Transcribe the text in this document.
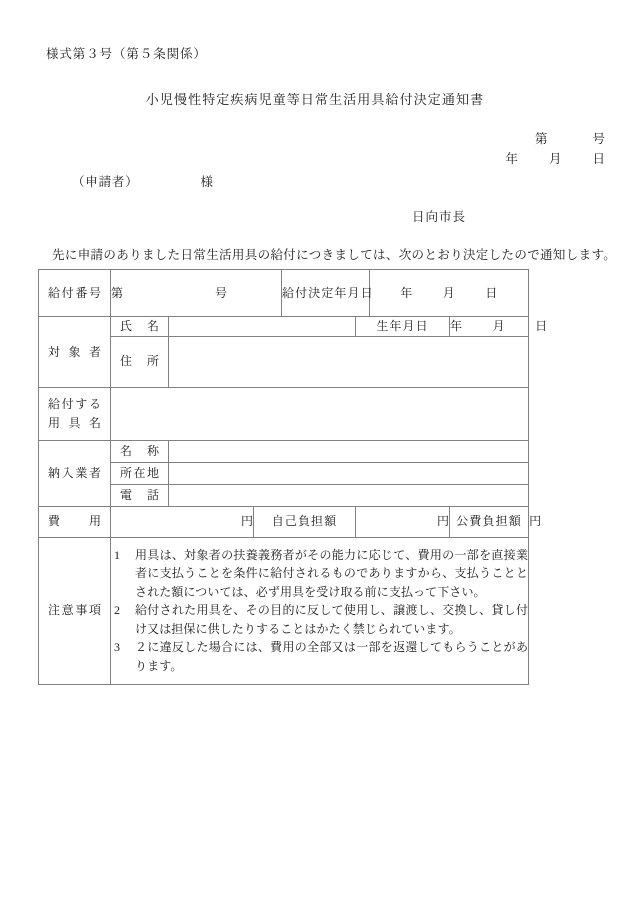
様式第３号（第５条関係）
小児慢性特定疾病児童等日常生活用具給付決定通知書
第	号
年 月 日
（申請者）	様
日向市長
先に申請のありました日常生活用具の給付につきましては、次のとおり決定したので通知します。
給付番号	第 号			給付決定年月日		年 月 日		

対象者	氏名				生年月日		年 月 日	

	住所							

給付する
用具名								

納入業者	名称							

	所在地							

	電話							

費用	円		自己負担額		円		公費負担額	円

注意事項

1	用具は、対象者の扶養義務者がその能力に応じて、費用の一部を直接業者に支払うことを条件に給付されるものでありますから、支払うこととされた額については、必ず用具を受け取る前に支払って下さい。
2	給付された用具を、その目的に反して使用し、譲渡し、交換し、貸し付け又は担保に供したりすることはかたく禁じられています。
3	２に違反した場合には、費用の全部又は一部を返還してもらうことがあります。
